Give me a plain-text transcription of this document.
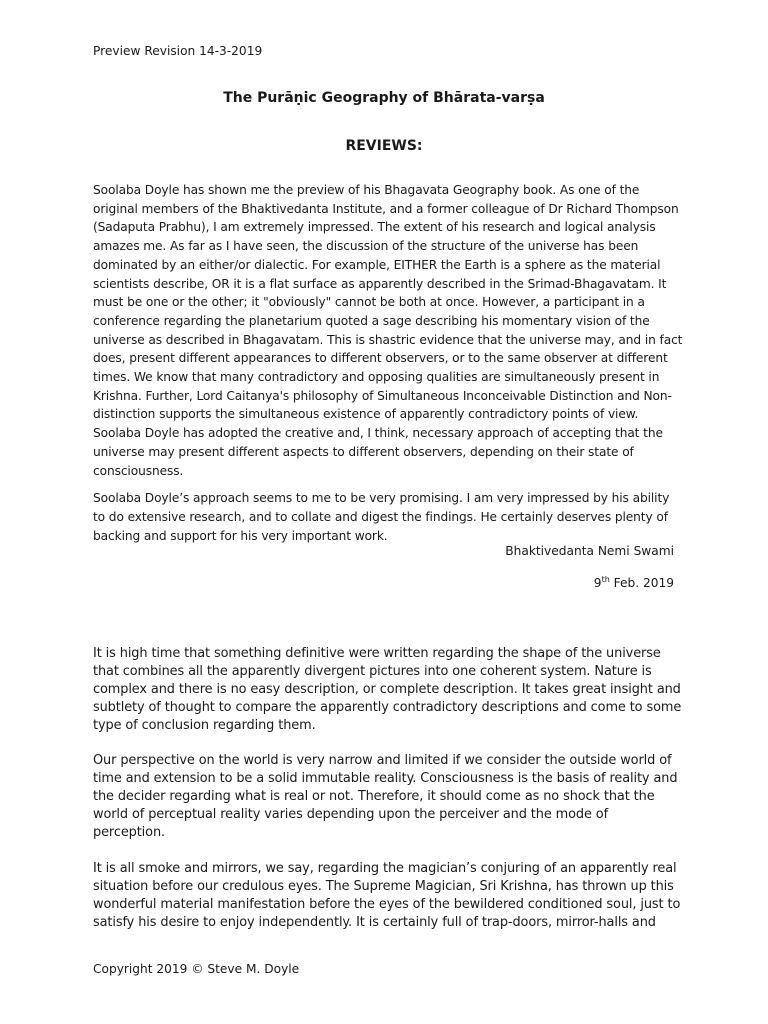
Preview Revision 14-3-2019
The Purāṇic Geography of Bhārata-varṣa
REVIEWS:

Soolaba Doyle has shown me the preview of his Bhagavata Geography book. As one of the original members of the Bhaktivedanta Institute, and a former colleague of Dr Richard Thompson (Sadaputa Prabhu), I am extremely impressed. The extent of his research and logical analysis amazes me. As far as I have seen, the discussion of the structure of the universe has been dominated by an either/or dialectic. For example, EITHER the Earth is a sphere as the material scientists describe, OR it is a flat surface as apparently described in the Srimad-Bhagavatam. It must be one or the other; it "obviously" cannot be both at once. However, a participant in a conference regarding the planetarium quoted a sage describing his momentary vision of the universe as described in Bhagavatam. This is shastric evidence that the universe may, and in fact does, present different appearances to different observers, or to the same observer at different times. We know that many contradictory and opposing qualities are simultaneously present in Krishna. Further, Lord Caitanya's philosophy of Simultaneous Inconceivable Distinction and Non-distinction supports the simultaneous existence of apparently contradictory points of view. Soolaba Doyle has adopted the creative and, I think, necessary approach of accepting that the universe may present different aspects to different observers, depending on their state of consciousness.

Soolaba Doyle’s approach seems to me to be very promising. I am very impressed by his ability to do extensive research, and to collate and digest the findings. He certainly deserves plenty of backing and support for his very important work.

Bhaktivedanta Nemi Swami
9th Feb. 2019

It is high time that something definitive were written regarding the shape of the universe that combines all the apparently divergent pictures into one coherent system. Nature is complex and there is no easy description, or complete description. It takes great insight and subtlety of thought to compare the apparently contradictory descriptions and come to some type of conclusion regarding them.

Our perspective on the world is very narrow and limited if we consider the outside world of time and extension to be a solid immutable reality. Consciousness is the basis of reality and the decider regarding what is real or not. Therefore, it should come as no shock that the world of perceptual reality varies depending upon the perceiver and the mode of perception.

It is all smoke and mirrors, we say, regarding the magician’s conjuring of an apparently real situation before our credulous eyes. The Supreme Magician, Sri Krishna, has thrown up this wonderful material manifestation before the eyes of the bewildered conditioned soul, just to satisfy his desire to enjoy independently. It is certainly full of trap-doors, mirror-halls and

Copyright 2019 © Steve M. Doyle
